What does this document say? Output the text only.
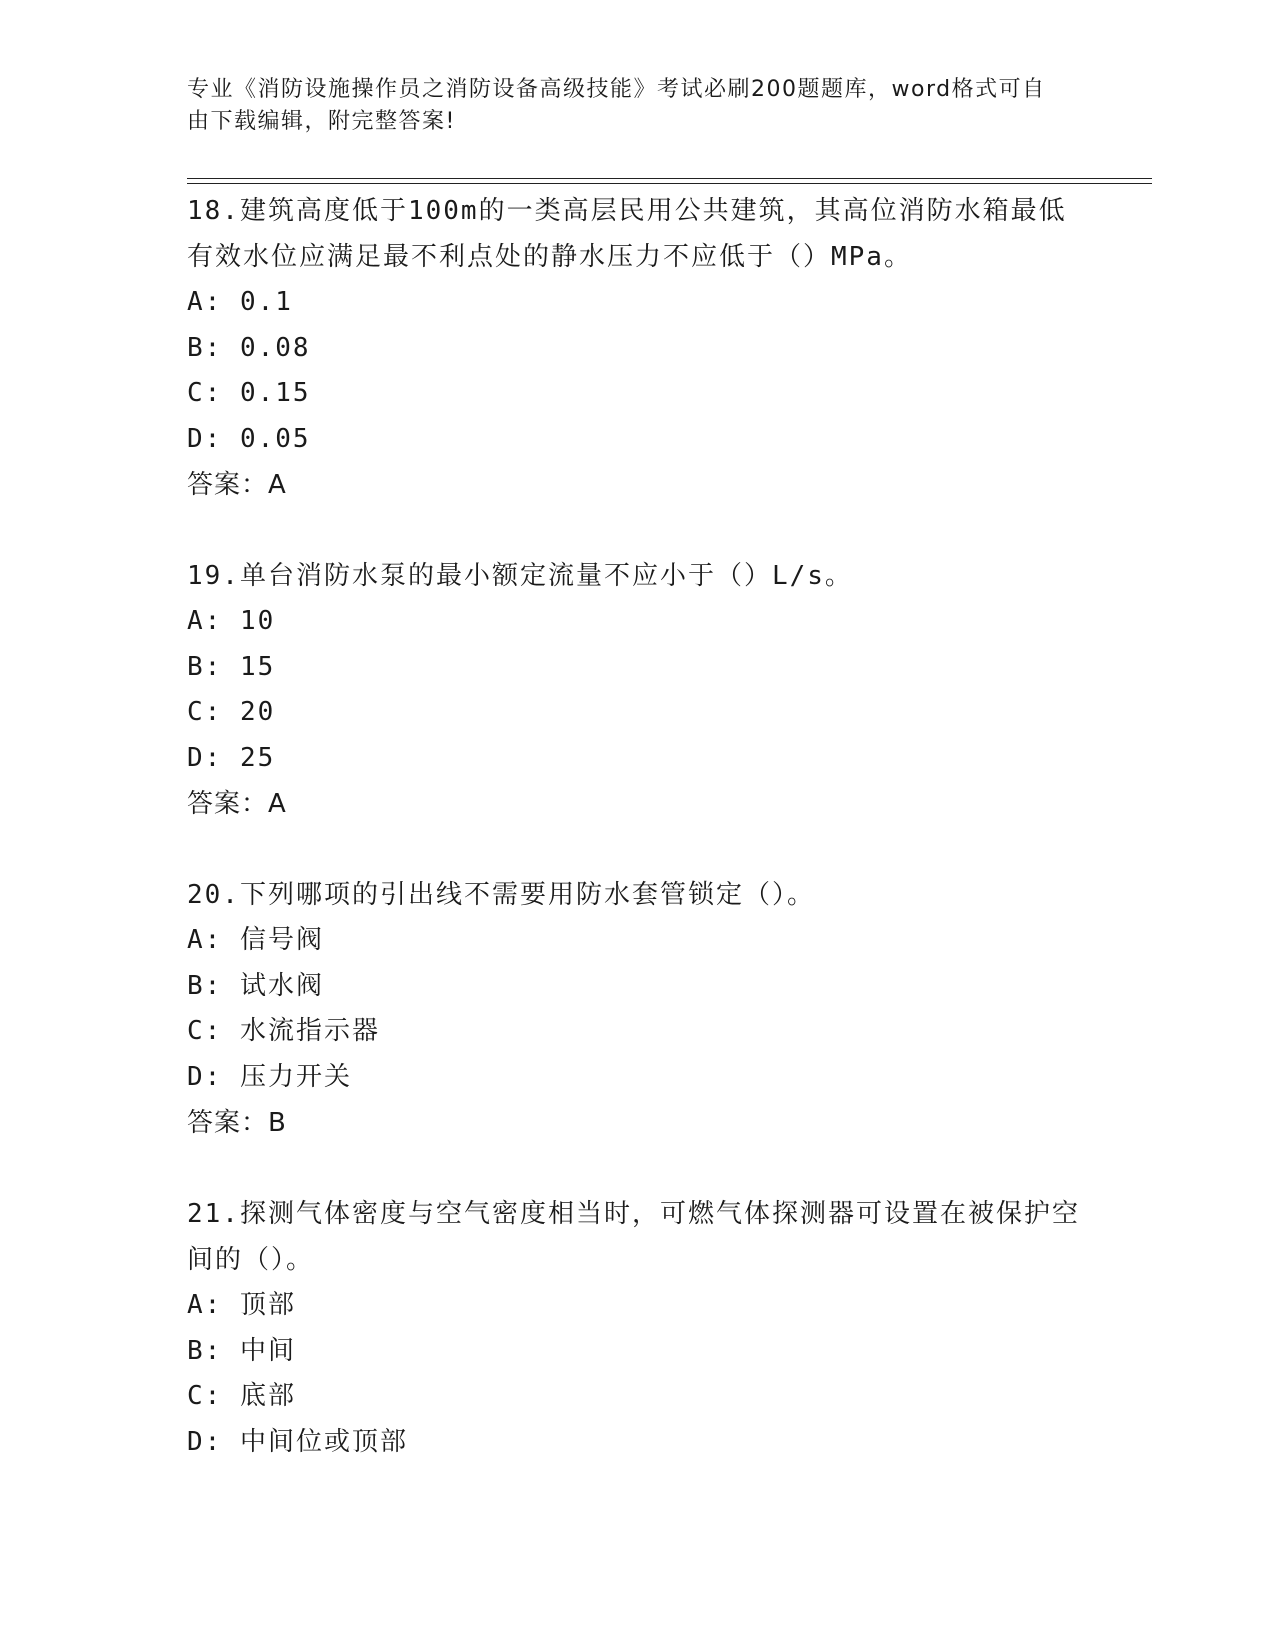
专业《消防设施操作员之消防设备高级技能》考试必刷200题题库，word格式可自由下载编辑，附完整答案!
18.建筑高度低于100m的一类高层民用公共建筑，其高位消防水箱最低有效水位应满足最不利点处的静水压力不应低于（）MPa。
A: 0.1
B: 0.08
C: 0.15
D: 0.05
答案：A
19.单台消防水泵的最小额定流量不应小于（）L/s。
A: 10
B: 15
C: 20
D: 25
答案：A
20.下列哪项的引出线不需要用防水套管锁定（）。
A: 信号阀
B: 试水阀
C: 水流指示器
D: 压力开关
答案：B
21.探测气体密度与空气密度相当时，可燃气体探测器可设置在被保护空间的（）。
A: 顶部
B: 中间
C: 底部
D: 中间位或顶部
